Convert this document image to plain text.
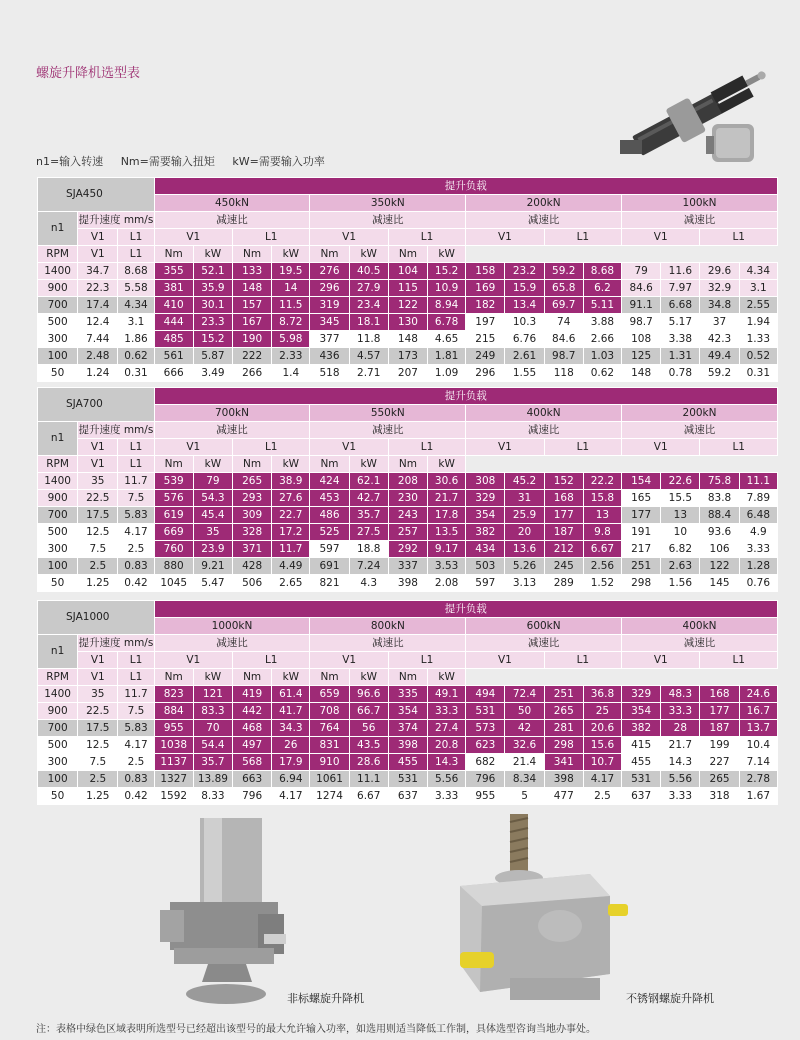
螺旋升降机选型表
n1=输入转速 Nm=需要输入扭矩 kW=需要输入功率
SJA450			提升负载															
			450kN				350kN				200kN				100kN			
n1	提升速度 mm/s		减速比				减速比				减速比				减速比			
	V1	L1	V1		L1		V1		L1		V1		L1		V1		L1	
RPM	V1	L1	Nm	kW	Nm	kW	Nm	kW	Nm	kW								
1400	34.7	8.68	355	52.1	133	19.5	276	40.5	104	15.2	158	23.2	59.2	8.68	79	11.6	29.6	4.34
900	22.3	5.58	381	35.9	148	14	296	27.9	115	10.9	169	15.9	65.8	6.2	84.6	7.97	32.9	3.1
700	17.4	4.34	410	30.1	157	11.5	319	23.4	122	8.94	182	13.4	69.7	5.11	91.1	6.68	34.8	2.55
500	12.4	3.1	444	23.3	167	8.72	345	18.1	130	6.78	197	10.3	74	3.88	98.7	5.17	37	1.94
300	7.44	1.86	485	15.2	190	5.98	377	11.8	148	4.65	215	6.76	84.6	2.66	108	3.38	42.3	1.33
100	2.48	0.62	561	5.87	222	2.33	436	4.57	173	1.81	249	2.61	98.7	1.03	125	1.31	49.4	0.52
50	1.24	0.31	666	3.49	266	1.4	518	2.71	207	1.09	296	1.55	118	0.62	148	0.78	59.2	0.31
SJA700			提升负载															
			700kN				550kN				400kN				200kN			
n1	提升速度 mm/s		减速比				减速比				减速比				减速比			
	V1	L1	V1		L1		V1		L1		V1		L1		V1		L1	
RPM	V1	L1	Nm	kW	Nm	kW	Nm	kW	Nm	kW								
1400	35	11.7	539	79	265	38.9	424	62.1	208	30.6	308	45.2	152	22.2	154	22.6	75.8	11.1
900	22.5	7.5	576	54.3	293	27.6	453	42.7	230	21.7	329	31	168	15.8	165	15.5	83.8	7.89
700	17.5	5.83	619	45.4	309	22.7	486	35.7	243	17.8	354	25.9	177	13	177	13	88.4	6.48
500	12.5	4.17	669	35	328	17.2	525	27.5	257	13.5	382	20	187	9.8	191	10	93.6	4.9
300	7.5	2.5	760	23.9	371	11.7	597	18.8	292	9.17	434	13.6	212	6.67	217	6.82	106	3.33
100	2.5	0.83	880	9.21	428	4.49	691	7.24	337	3.53	503	5.26	245	2.56	251	2.63	122	1.28
50	1.25	0.42	1045	5.47	506	2.65	821	4.3	398	2.08	597	3.13	289	1.52	298	1.56	145	0.76
SJA1000			提升负载															
			1000kN				800kN				600kN				400kN			
n1	提升速度 mm/s		减速比				减速比				减速比				减速比			
	V1	L1	V1		L1		V1		L1		V1		L1		V1		L1	
RPM	V1	L1	Nm	kW	Nm	kW	Nm	kW	Nm	kW								
1400	35	11.7	823	121	419	61.4	659	96.6	335	49.1	494	72.4	251	36.8	329	48.3	168	24.6
900	22.5	7.5	884	83.3	442	41.7	708	66.7	354	33.3	531	50	265	25	354	33.3	177	16.7
700	17.5	5.83	955	70	468	34.3	764	56	374	27.4	573	42	281	20.6	382	28	187	13.7
500	12.5	4.17	1038	54.4	497	26	831	43.5	398	20.8	623	32.6	298	15.6	415	21.7	199	10.4
300	7.5	2.5	1137	35.7	568	17.9	910	28.6	455	14.3	682	21.4	341	10.7	455	14.3	227	7.14
100	2.5	0.83	1327	13.89	663	6.94	1061	11.1	531	5.56	796	8.34	398	4.17	531	5.56	265	2.78
50	1.25	0.42	1592	8.33	796	4.17	1274	6.67	637	3.33	955	5	477	2.5	637	3.33	318	1.67
非标螺旋升降机	不锈钢螺旋升降机
注：表格中绿色区域表明所选型号已经超出该型号的最大允许输入功率，如选用则适当降低工作制，具体选型咨询当地办事处。
